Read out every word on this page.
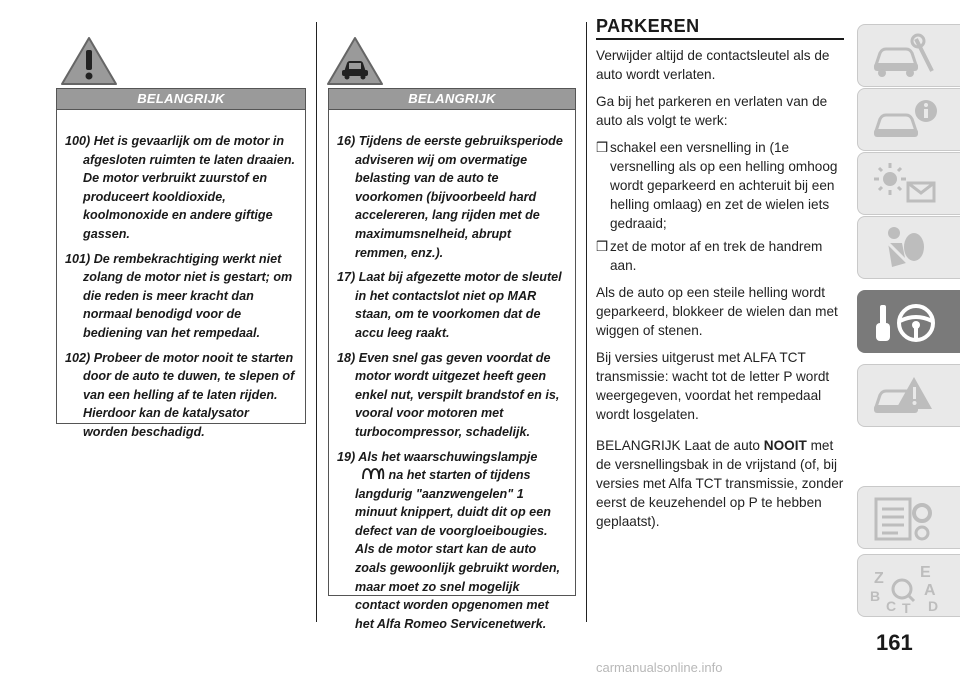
BELANGRIJK

100) Het is gevaarlijk om de motor in afgesloten ruimten te laten draaien. De motor verbruikt zuurstof en produceert kooldioxide, koolmonoxide en andere giftige gassen.

101) De rembekrachtiging werkt niet zolang de motor niet is gestart; om die reden is meer kracht dan normaal benodigd voor de bediening van het rempedaal.

102) Probeer de motor nooit te starten door de auto te duwen, te slepen of van een helling af te laten rijden. Hierdoor kan de katalysator worden beschadigd.

BELANGRIJK

16) Tijdens de eerste gebruiksperiode adviseren wij om overmatige belasting van de auto te voorkomen (bijvoorbeeld hard accelereren, lang rijden met de maximumsnelheid, abrupt remmen, enz.).

17) Laat bij afgezette motor de sleutel in het contactslot niet op MAR staan, om te voorkomen dat de accu leeg raakt.

18) Even snel gas geven voordat de motor wordt uitgezet heeft geen enkel nut, verspilt brandstof en is, vooral voor motoren met turbocompressor, schadelijk.

19) Als het waarschuwingslampje
na het starten of tijdens langdurig "aanzwengelen" 1 minuut knippert, duidt dit op een defect van de voorgloeibougies. Als de motor start kan de auto zoals gewoonlijk gebruikt worden, maar moet zo snel mogelijk contact worden opgenomen met het Alfa Romeo Servicenetwerk.

PARKEREN

Verwijder altijd de contactsleutel als de auto wordt verlaten.

Ga bij het parkeren en verlaten van de auto als volgt te werk:

❒ schakel een versnelling in (1e versnelling als op een helling omhoog wordt geparkeerd en achteruit bij een helling omlaag) en zet de wielen iets gedraaid;
❒ zet de motor af en trek de handrem aan.

Als de auto op een steile helling wordt geparkeerd, blokkeer de wielen dan met wiggen of stenen.

Bij versies uitgerust met ALFA TCT transmissie: wacht tot de letter P wordt weergegeven, voordat het rempedaal wordt losgelaten.

BELANGRIJK Laat de auto NOOIT met de versnellingsbak in de vrijstand (of, bij versies met Alfa TCT transmissie, zonder eerst de keuzehendel op P te hebben geplaatst).

Z E
A
B
C T D
161
carmanualsonline.info
